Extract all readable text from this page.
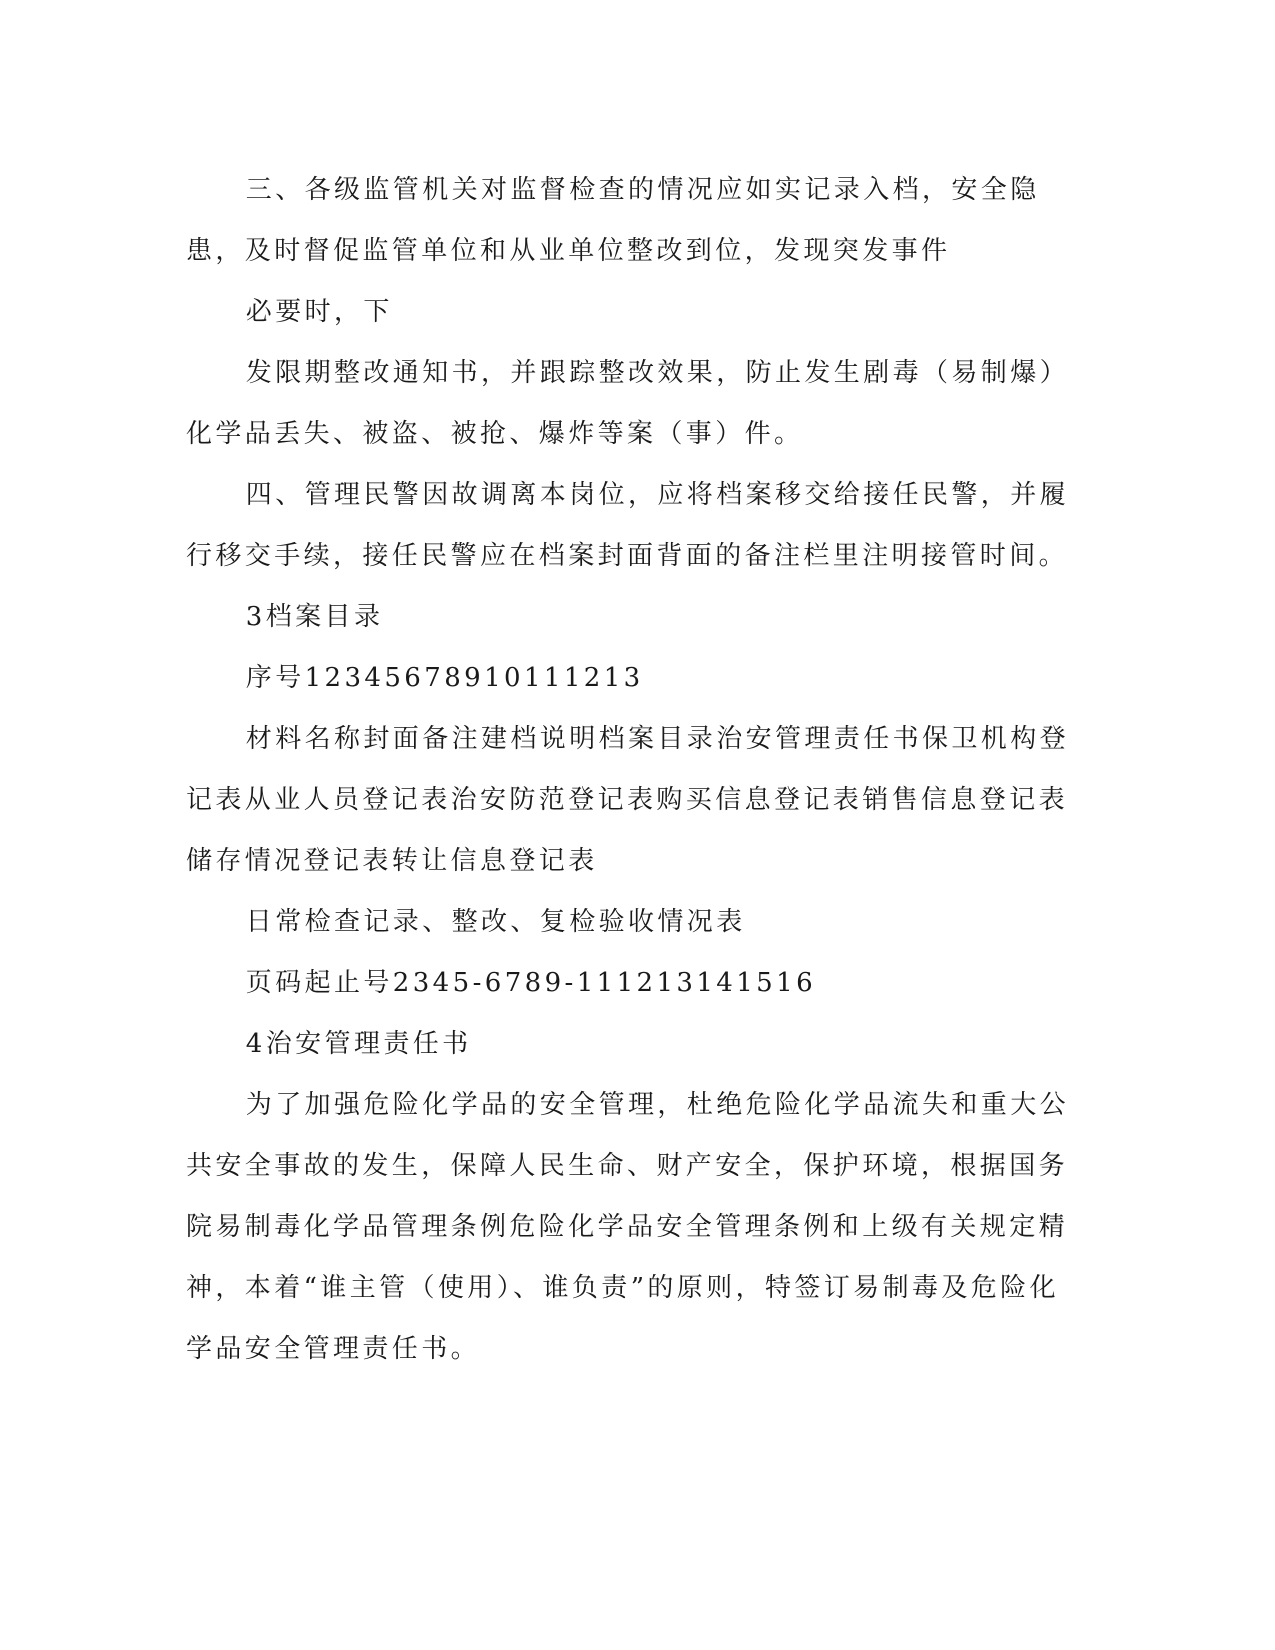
三、各级监管机关对监督检查的情况应如实记录入档，安全隐患，及时督促监管单位和从业单位整改到位，发现突发事件

必要时，下

发限期整改通知书，并跟踪整改效果，防止发生剧毒（易制爆）化学品丢失、被盗、被抢、爆炸等案（事）件。

四、管理民警因故调离本岗位，应将档案移交给接任民警，并履行移交手续，接任民警应在档案封面背面的备注栏里注明接管时间。

3档案目录

序号12345678910111213

材料名称封面备注建档说明档案目录治安管理责任书保卫机构登记表从业人员登记表治安防范登记表购买信息登记表销售信息登记表储存情况登记表转让信息登记表

日常检查记录、整改、复检验收情况表

页码起止号2345-6789-111213141516

4治安管理责任书

为了加强危险化学品的安全管理，杜绝危险化学品流失和重大公共安全事故的发生，保障人民生命、财产安全，保护环境，根据国务院易制毒化学品管理条例危险化学品安全管理条例和上级有关规定精神，本着“谁主管（使用）、谁负责”的原则，特签订易制毒及危险化学品安全管理责任书。
